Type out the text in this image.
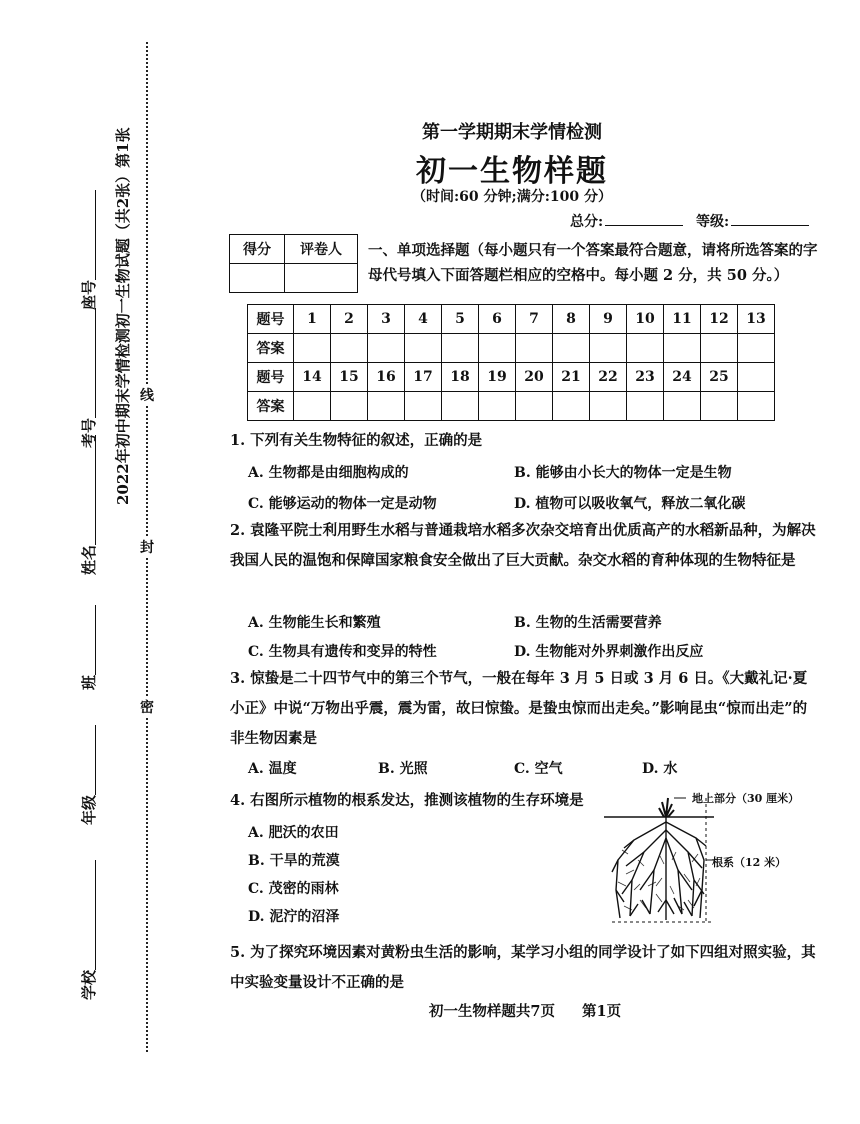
密
封
线
2022年初中期末学情检测初一生物试题（共2张）第1张
学校
年级
班
姓名
考号
座号
第一学期期末学情检测
初一生物样题
（时间:60 分钟;满分:100 分）
总分:	等级:
得分	评卷人
	一、单项选择题（每小题只有一个答案最符合题意，请将所选答案的字母代号填入下面答题栏相应的空格中。每小题 2 分，共 50 分。）
题号	1	2	3	4	5	6	7	8	9	10	11	12	13
答案													
题号	14	15	16	17	18	19	20	21	22	23	24	25	
答案													
1. 下列有关生物特征的叙述，正确的是
A. 生物都是由细胞构成的	B. 能够由小长大的物体一定是生物
C. 能够运动的物体一定是动物	D. 植物可以吸收氧气，释放二氧化碳
2. 袁隆平院士利用野生水稻与普通栽培水稻多次杂交培育出优质高产的水稻新品种，为解决我国人民的温饱和保障国家粮食安全做出了巨大贡献。杂交水稻的育种体现的生物特征是
A. 生物能生长和繁殖	B. 生物的生活需要营养
C. 生物具有遗传和变异的特性	D. 生物能对外界刺激作出反应
3. 惊蛰是二十四节气中的第三个节气，一般在每年 3 月 5 日或 3 月 6 日。《大戴礼记·夏小正》中说“万物出乎震，震为雷，故曰惊蛰。是蛰虫惊而出走矣。”影响昆虫“惊而出走”的非生物因素是
A. 温度	B. 光照	C. 空气	D. 水
4. 右图所示植物的根系发达，推测该植物的生存环境是
A. 肥沃的农田
B. 干旱的荒漠
C. 茂密的雨林
D. 泥泞的沼泽
地上部分（30 厘米）
根系（12 米）
5. 为了探究环境因素对黄粉虫生活的影响，某学习小组的同学设计了如下四组对照实验，其中实验变量设计不正确的是
初一生物样题共7页 第1页
